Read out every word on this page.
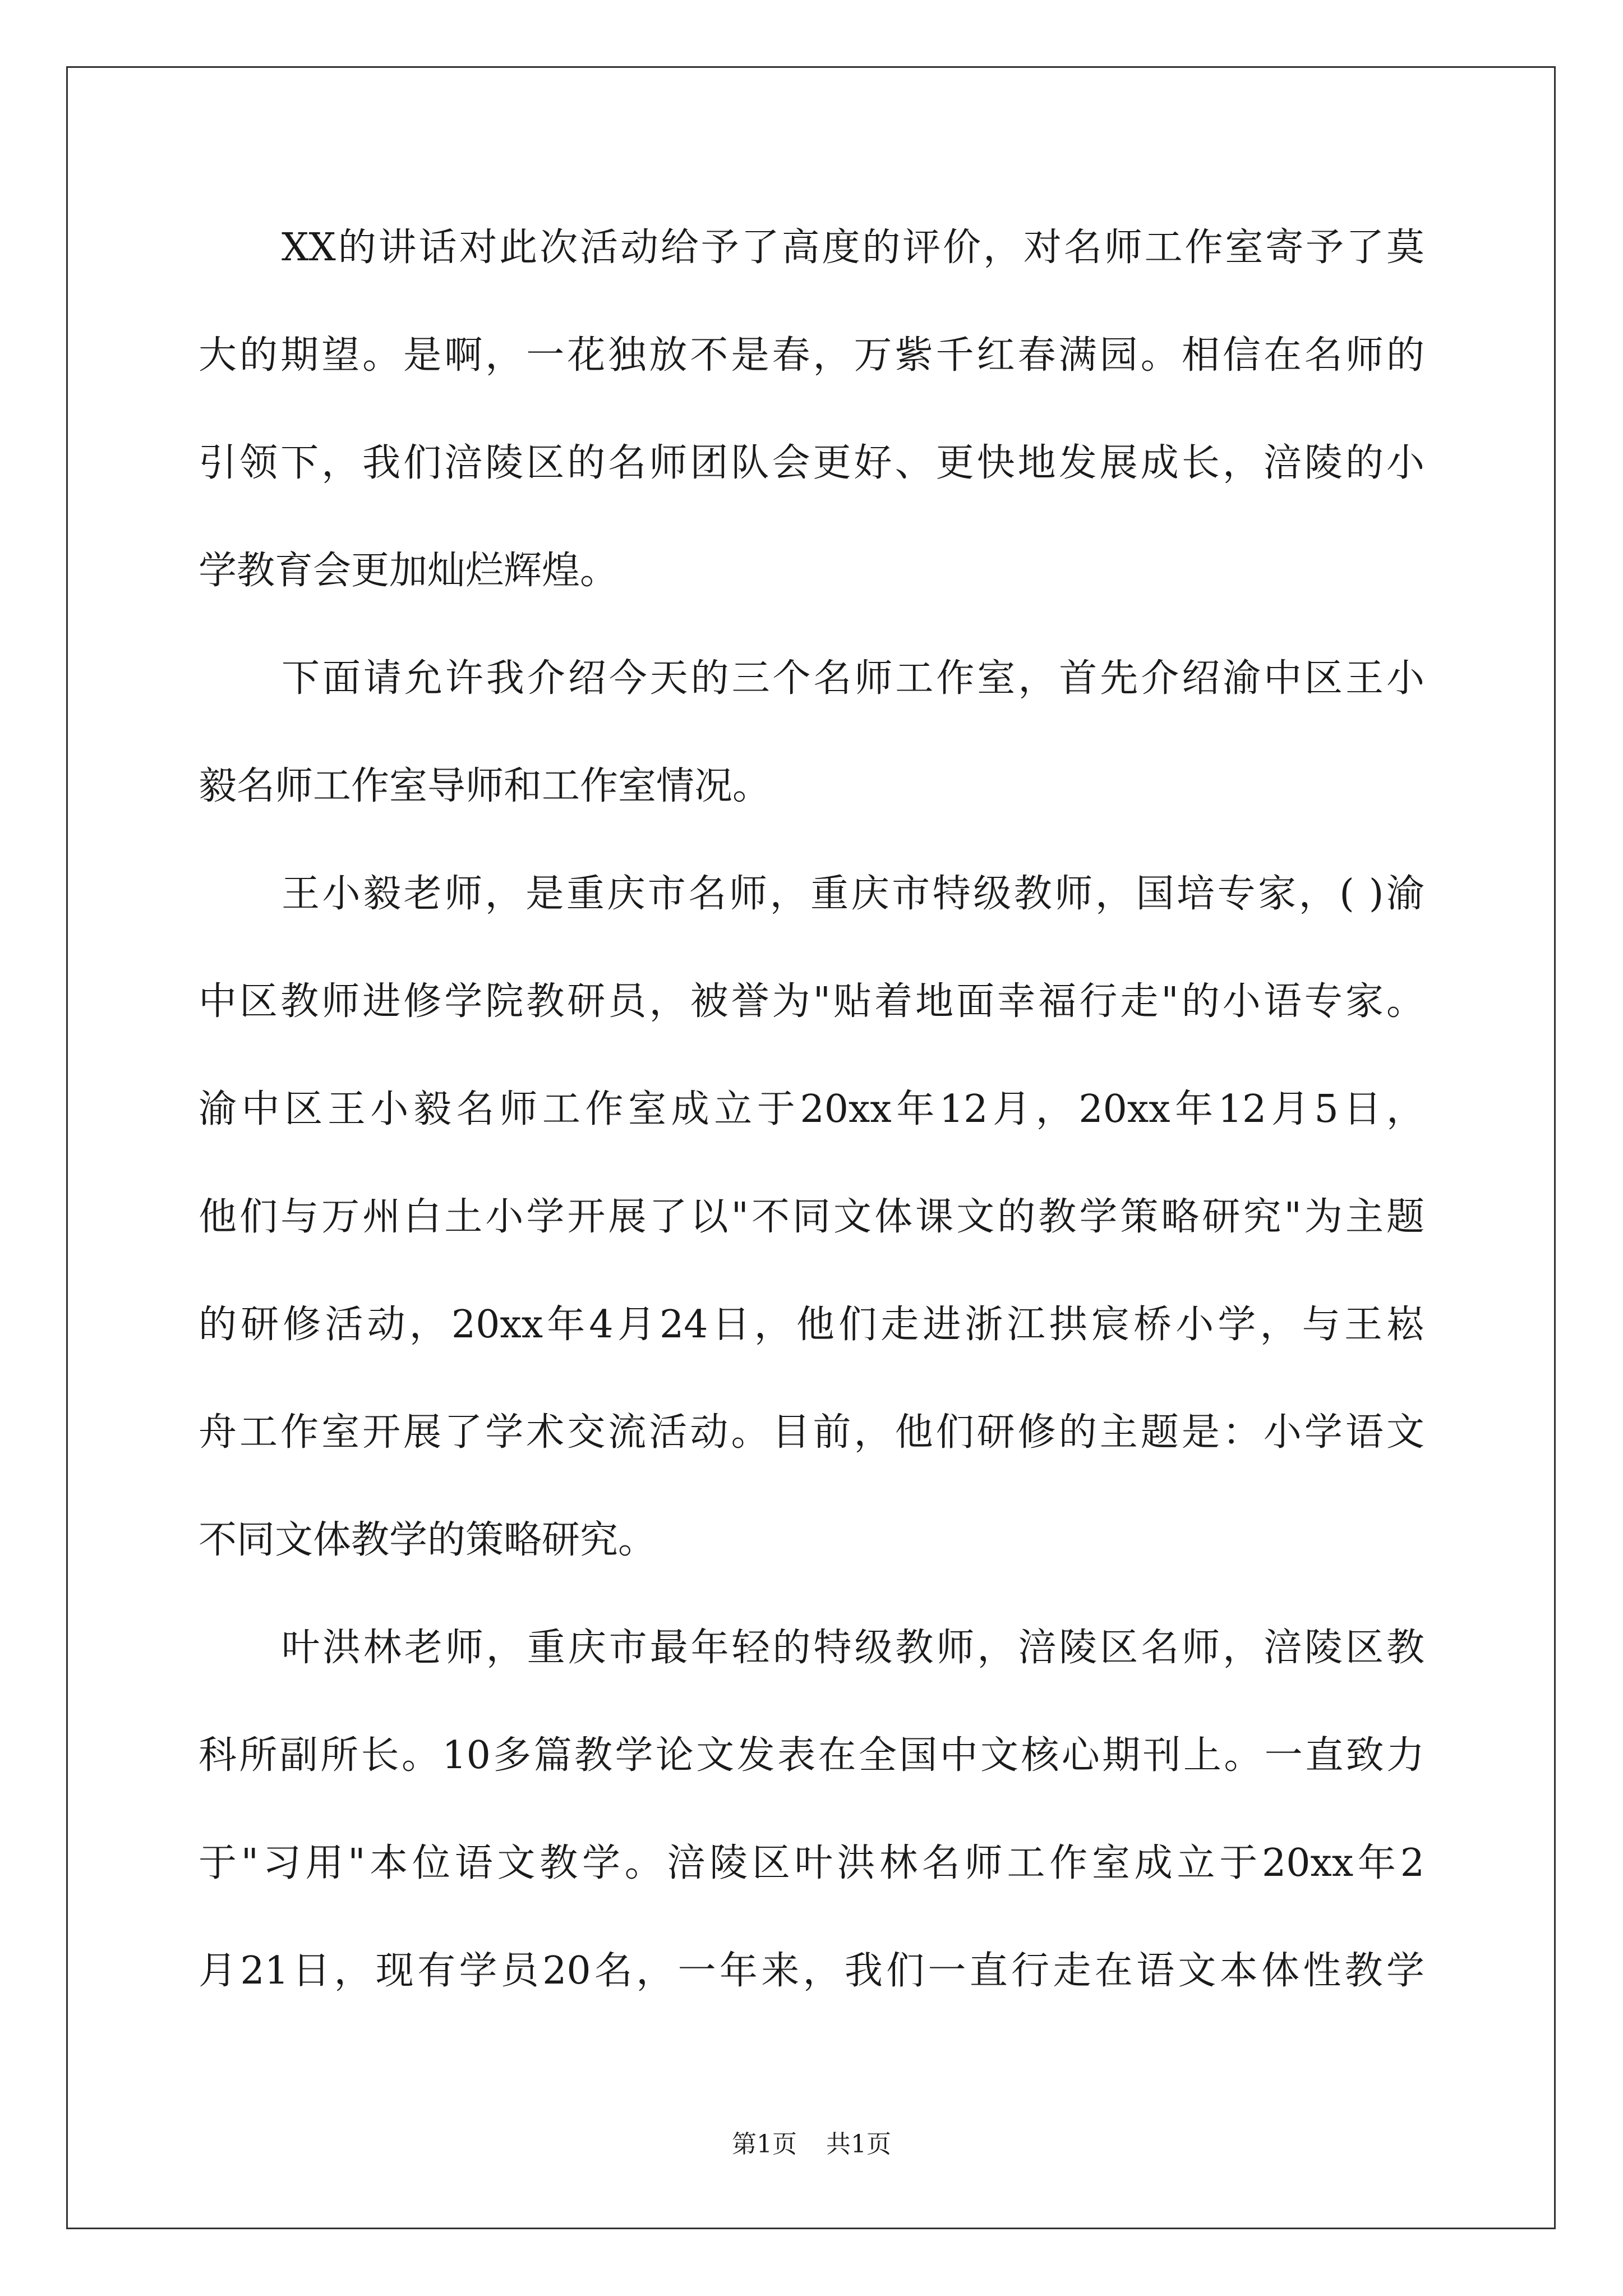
XX的讲话对此次活动给予了高度的评价，对名师工作室寄予了莫
大的期望。是啊，一花独放不是春，万紫千红春满园。相信在名师的
引领下，我们涪陵区的名师团队会更好、更快地发展成长，涪陵的小
学教育会更加灿烂辉煌。
下面请允许我介绍今天的三个名师工作室，首先介绍渝中区王小
毅名师工作室导师和工作室情况。
王小毅老师，是重庆市名师，重庆市特级教师，国培专家，( )渝
中区教师进修学院教研员，被誉为"贴着地面幸福行走"的小语专家。
渝中区王小毅名师工作室成立于20xx年12月，20xx年12月5日，
他们与万州白土小学开展了以"不同文体课文的教学策略研究"为主题
的研修活动，20xx年4月24日，他们走进浙江拱宸桥小学，与王崧
舟工作室开展了学术交流活动。目前，他们研修的主题是：小学语文
不同文体教学的策略研究。
叶洪林老师，重庆市最年轻的特级教师，涪陵区名师，涪陵区教
科所副所长。10多篇教学论文发表在全国中文核心期刊上。一直致力
于"习用"本位语文教学。涪陵区叶洪林名师工作室成立于20xx年2
月21日，现有学员20名，一年来，我们一直行走在语文本体性教学
第1页 共1页
